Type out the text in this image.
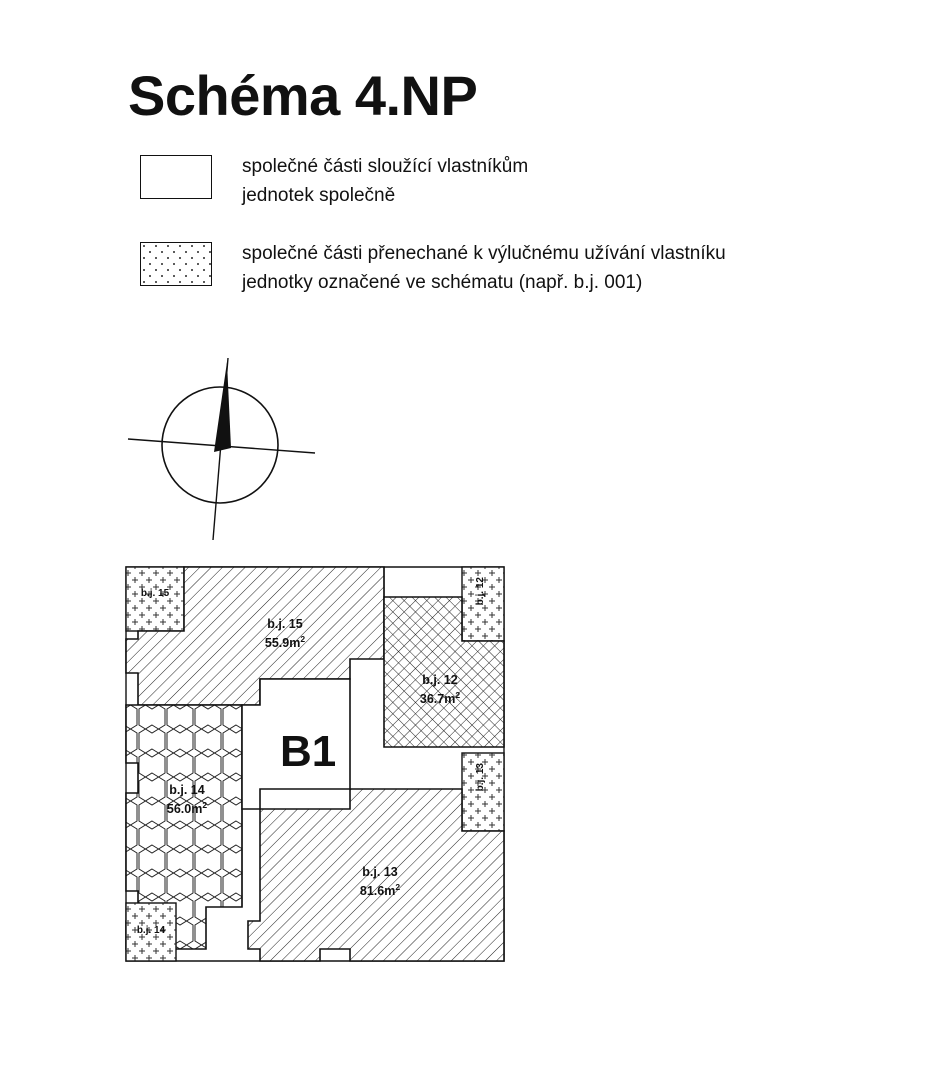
Schéma 4.NP
společné části sloužící vlastníkům
jednotek společně
společné části přenechané k výlučnému užívání vlastníku
jednotky označené ve schématu (např. b.j. 001)
b.j. 15	b.j. 12
b.j. 13
b.j. 14
b.j. 15
$55.9m^2$
b.j. 12
$36.7m^2$
b.j. 14
$56.0m^2$
b.j. 13
$81.6m^2$
B1
